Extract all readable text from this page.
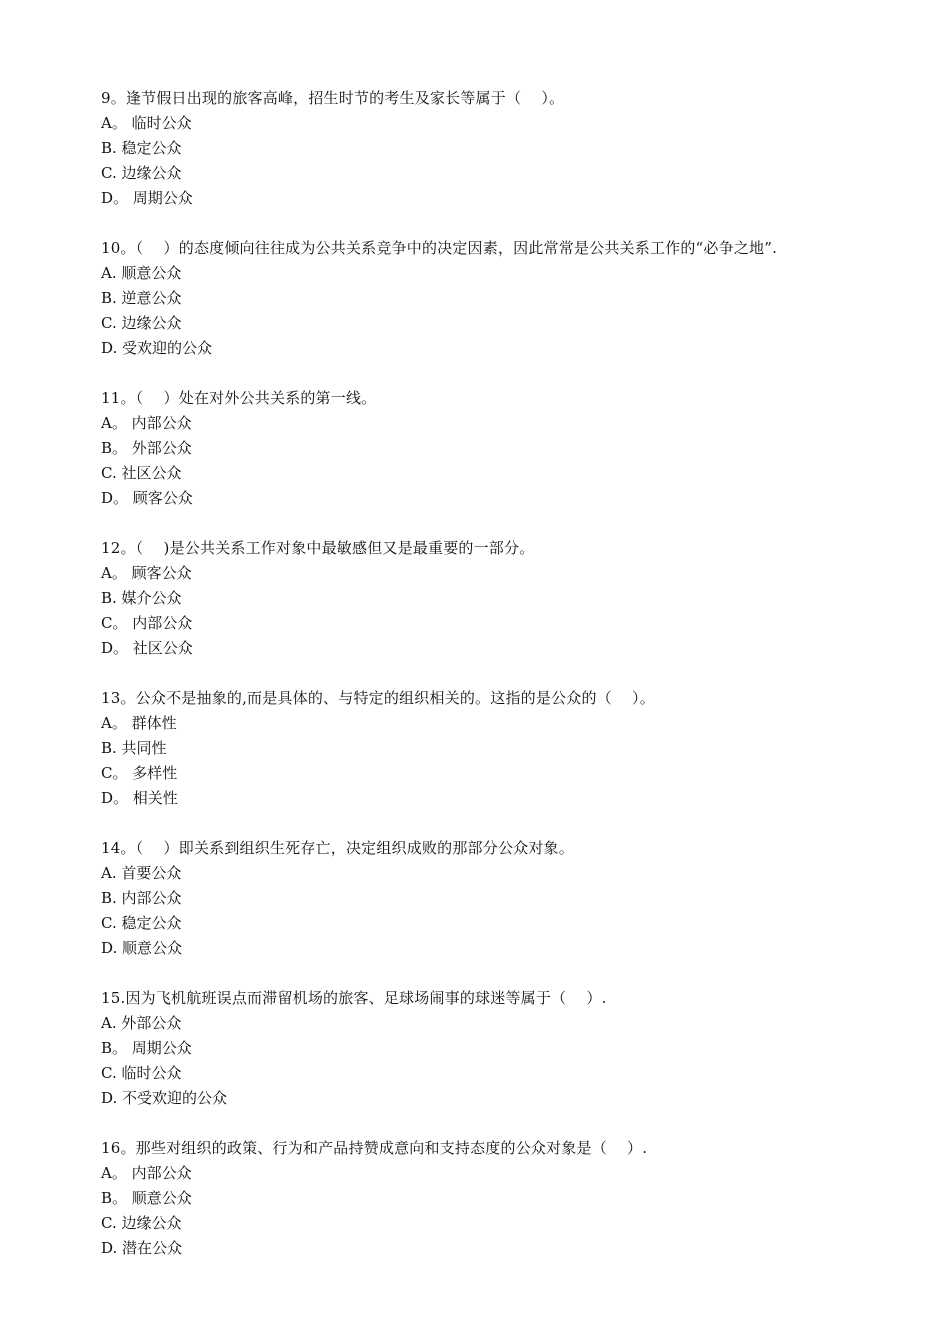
9。逢节假日出现的旅客高峰，招生时节的考生及家长等属于（　 ）。
A。 临时公众
B. 稳定公众
C. 边缘公众
D。 周期公众
10。（　 ）的态度倾向往往成为公共关系竞争中的决定因素，因此常常是公共关系工作的“必争之地”.
A. 顺意公众
B. 逆意公众
C. 边缘公众
D. 受欢迎的公众
11。（　 ）处在对外公共关系的第一线。
A。 内部公众
B。 外部公众
C. 社区公众
D。 顾客公众
12。（　 )是公共关系工作对象中最敏感但又是最重要的一部分。
A。 顾客公众
B. 媒介公众
C。 内部公众
D。 社区公众
13。公众不是抽象的,而是具体的、与特定的组织相关的。这指的是公众的（　 ）。
A。 群体性
B. 共同性
C。 多样性
D。 相关性
14。（　 ）即关系到组织生死存亡，决定组织成败的那部分公众对象。
A. 首要公众
B. 内部公众
C. 稳定公众
D. 顺意公众
15.因为飞机航班误点而滞留机场的旅客、足球场闹事的球迷等属于（　 ）.
A. 外部公众
B。 周期公众
C. 临时公众
D. 不受欢迎的公众
16。那些对组织的政策、行为和产品持赞成意向和支持态度的公众对象是（　 ）.
A。 内部公众
B。 顺意公众
C. 边缘公众
D. 潜在公众
